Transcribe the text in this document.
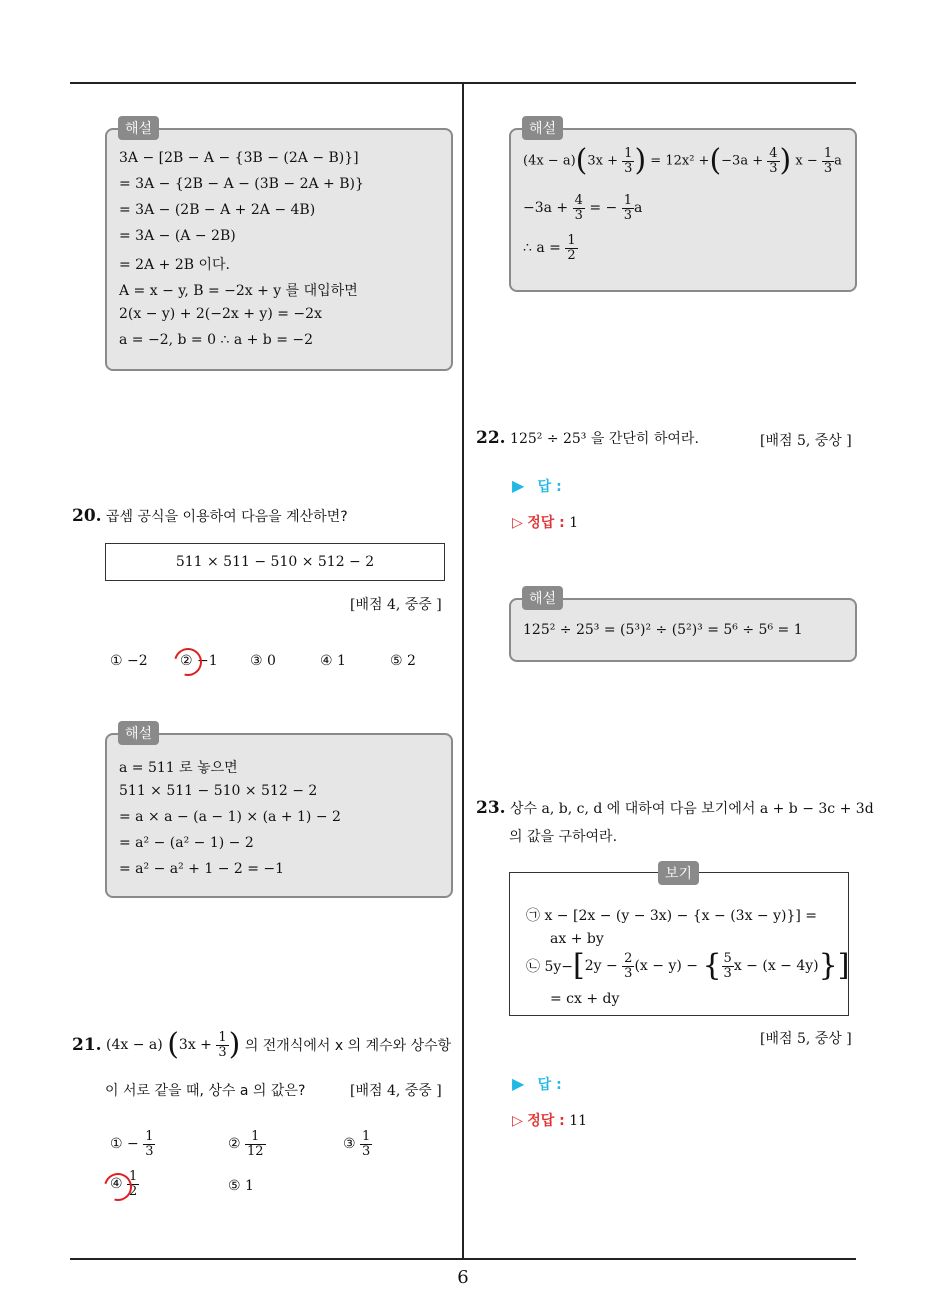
3A − [2B − A − {3B − (2A − B)}]
= 3A − {2B − A − (3B − 2A + B)}
= 3A − (2B − A + 2A − 4B)
= 3A − (A − 2B)
= 2A + 2B 이다.
A = x − y, B = −2x + y 를 대입하면
2(x − y) + 2(−2x + y) = −2x
a = −2, b = 0 ∴ a + b = −2
해설
20. 곱셈 공식을 이용하여 다음을 계산하면?
511 × 511 − 510 × 512 − 2
[배점 4, 중중 ]
① −2 ② −1 ③ 0	④ 1	⑤ 2
a = 511 로 놓으면
511 × 511 − 510 × 512 − 2
= a × a − (a − 1) × (a + 1) − 2
= a² − (a² − 1) − 2
= a² − a² + 1 − 2 = −1
해설
21. (4x − a) ($3x + \frac{1}{3}$ ) 의 전개식에서 x 의 계수와 상수항
이 서로 같을 때, 상수 a 의 값은?	[배점 4, 중중 ]
① − $\frac{1}{3}$	② $\frac{1}{12}$	③ $\frac{1}{3}$
④ $\frac{1}{2}$	⑤ 1
$(4x - a)(3x + \frac{1}{3}$ ) = $12x^2 +(-3a + \frac{4}{3}$ ) $x - \frac{1}{3}$ a
$-3a + \frac{4}{3}$ = − $\frac{1}{3}$ a
∴ $a = \frac{1}{2}$
해설
22. 125² ÷ 25³ 을 간단히 하여라.	[배점 5, 중상 ]
▶ 답 :
▷ 정답 : 1
125² ÷ 25³ = (5³)² ÷ (5²)³ = 5⁶ ÷ 5⁶ = 1
해설
23. 상수 a, b, c, d 에 대하여 다음 보기에서 a + b − 3c + 3d
의 값을 구하여라.
㉠ x − [2x − (y − 3x) − {x − (3x − y)}] =
ax + by
㉡ $5y-[2y - \frac{2}{3} (x - y)$ − { $\frac{5}{3}$ x − (x − 4y)}]
= cx + dy
보기
[배점 5, 중상 ]
▶ 답 :
▷ 정답 : 11
6
